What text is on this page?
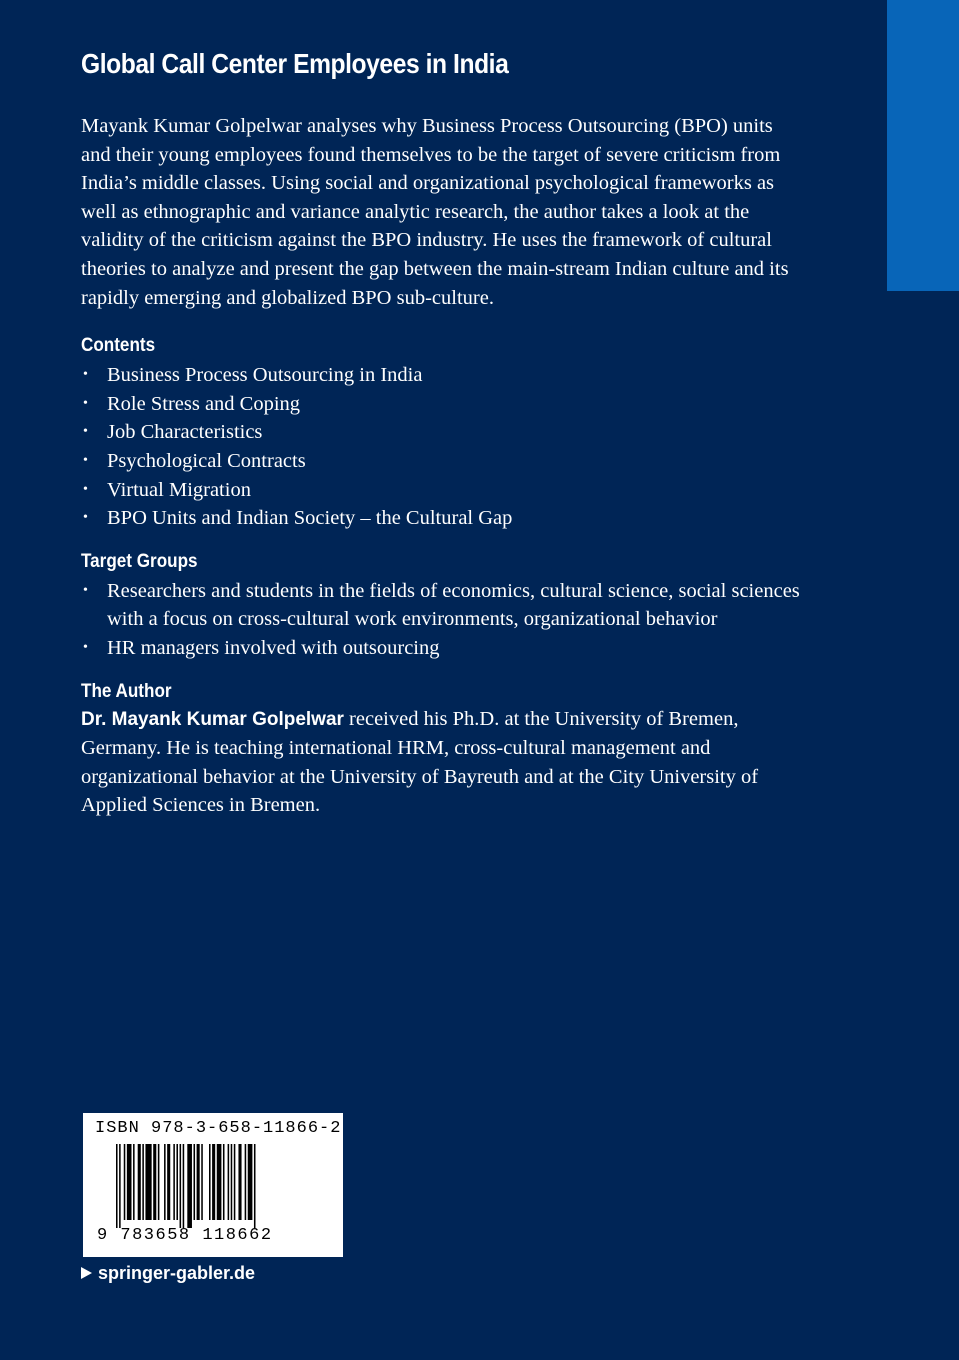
Global Call Center Employees in India

Mayank Kumar Golpelwar analyses why Business Process Outsourcing (BPO) units and their young employees found themselves to be the target of severe criticism from India’s middle classes. Using social and organizational psychological frameworks as well as ethnographic and variance analytic research, the author takes a look at the validity of the criticism against the BPO industry. He uses the framework of cultural theories to analyze and present the gap between the main-stream Indian culture and its rapidly emerging and globalized BPO sub-culture.

Contents
• Business Process Outsourcing in India
• Role Stress and Coping
• Job Characteristics
• Psychological Contracts
• Virtual Migration
• BPO Units and Indian Society – the Cultural Gap
Target Groups
• Researchers and students in the fields of economics, cultural science, social sciences with a focus on cross-cultural work environments, organizational behavior
• HR managers involved with outsourcing
The Author

Dr. Mayank Kumar Golpelwar received his Ph.D. at the University of Bremen, Germany. He is teaching international HRM, cross-cultural management and organizational behavior at the University of Bayreuth and at the City University of Applied Sciences in Bremen.

ISBN 978-3-658-11866-2
9 783658 118662
springer-gabler.de
